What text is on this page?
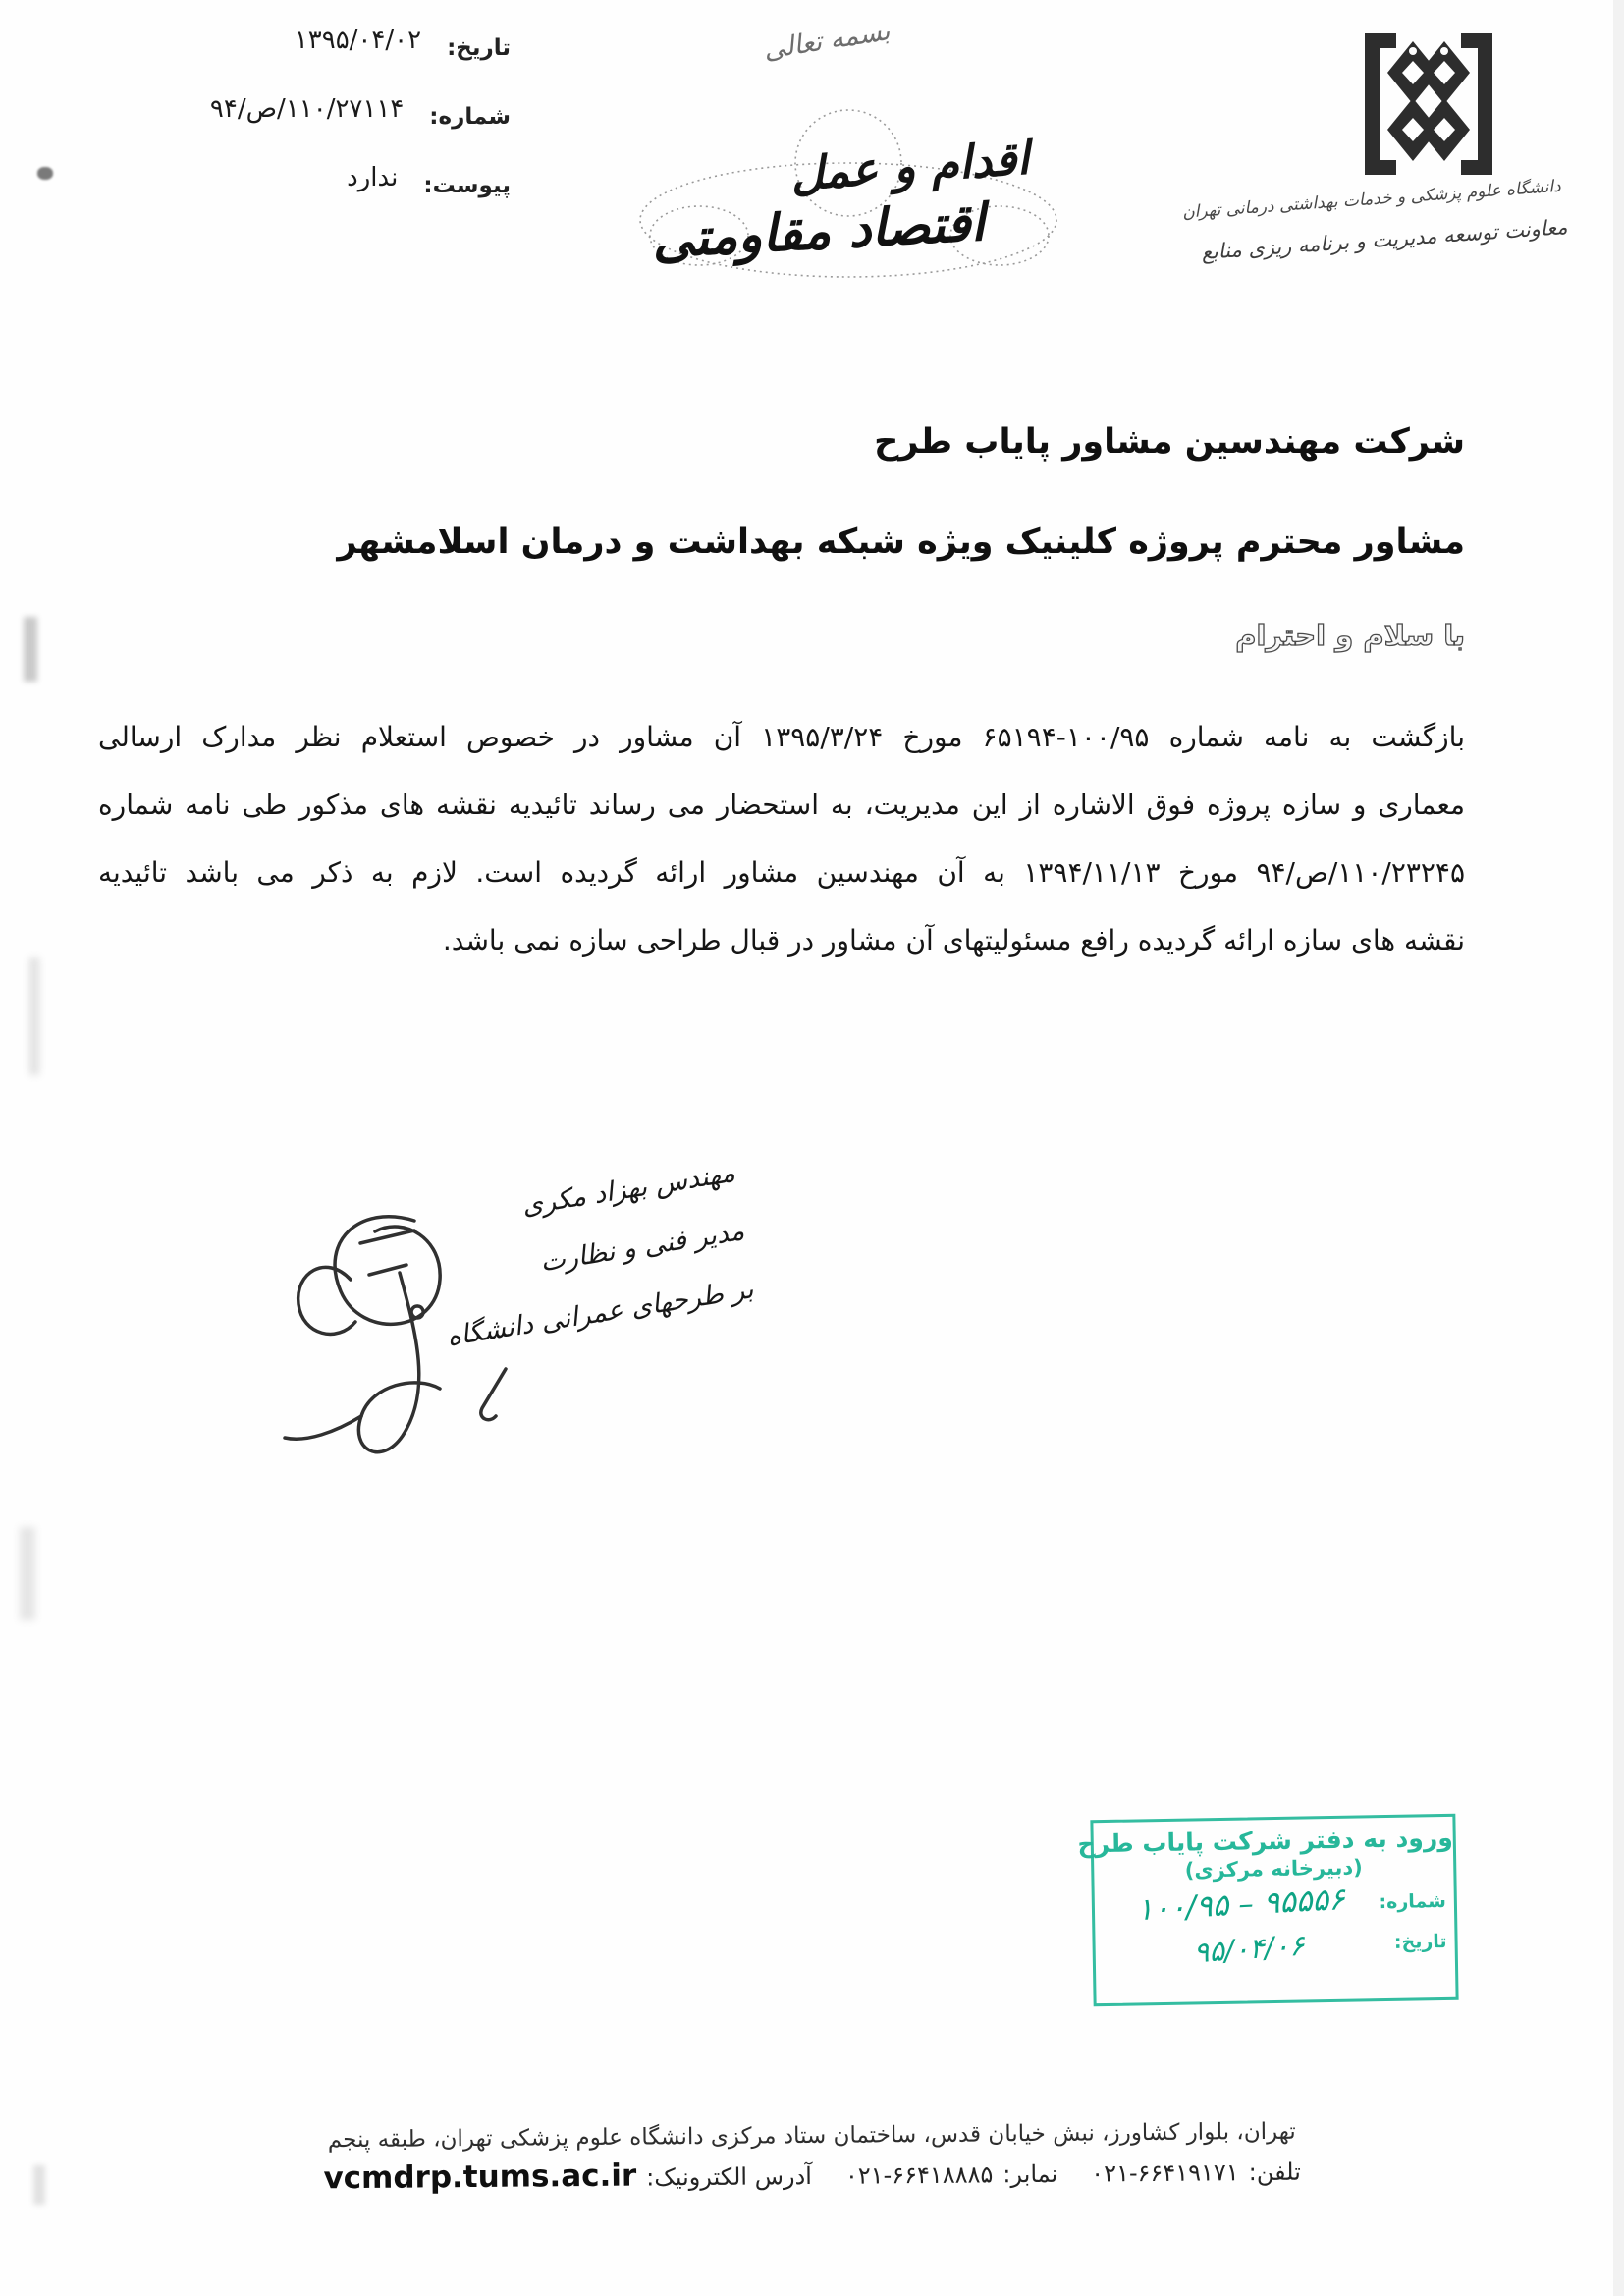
تاریخ:
۱۳۹۵/۰۴/۰۲
شماره:
۱۱۰/۲۷۱۱۴/ص/۹۴
پیوست:
ندارد
بسمه تعالی
اقدام و عمل
اقتصاد مقاومتی	دانشگاه علوم پزشکی و خدمات بهداشتی درمانی تهران
معاونت توسعه مدیریت و برنامه ریزی منابع
شرکت مهندسین مشاور پایاب طرح
مشاور محترم پروژه کلینیک ویژه شبکه بهداشت و درمان اسلامشهر
با سلام و احترام
بازگشت به نامه شماره ۱۰۰/۹۵-۶۵۱۹۴ مورخ ۱۳۹۵/۳/۲۴ آن مشاور در خصوص استعلام نظر مدارک ارسالی
معماری و سازه پروژه فوق الاشاره از این مدیریت، به استحضار می رساند تائیدیه نقشه های مذکور طی نامه شماره
۱۱۰/۲۳۲۴۵/ص/۹۴ مورخ ۱۳۹۴/۱۱/۱۳ به آن مهندسین مشاور ارائه گردیده است. لازم به ذکر می باشد تائیدیه
نقشه های سازه ارائه گردیده رافع مسئولیتهای آن مشاور در قبال طراحی سازه نمی باشد.
مهندس بهزاد مکری
مدیر فنی و نظارت
بر طرحهای عمرانی دانشگاه
ورود به دفتر شرکت پایاب طرح
(دبیرخانه مرکزی)
شماره:
۹۵۵۵۶ – ۱۰۰/۹۵
تاریخ:
۹۵/۰۴/۰۶
تهران، بلوار کشاورز، نبش خیابان قدس، ساختمان ستاد مرکزی دانشگاه علوم پزشکی تهران، طبقه پنجم
تلفن:
۰۲۱-۶۶۴۱۹۱۷۱
نمابر:
۰۲۱-۶۶۴۱۸۸۸۵
آدرس الکترونیک:
vcmdrp.tums.ac.ir
